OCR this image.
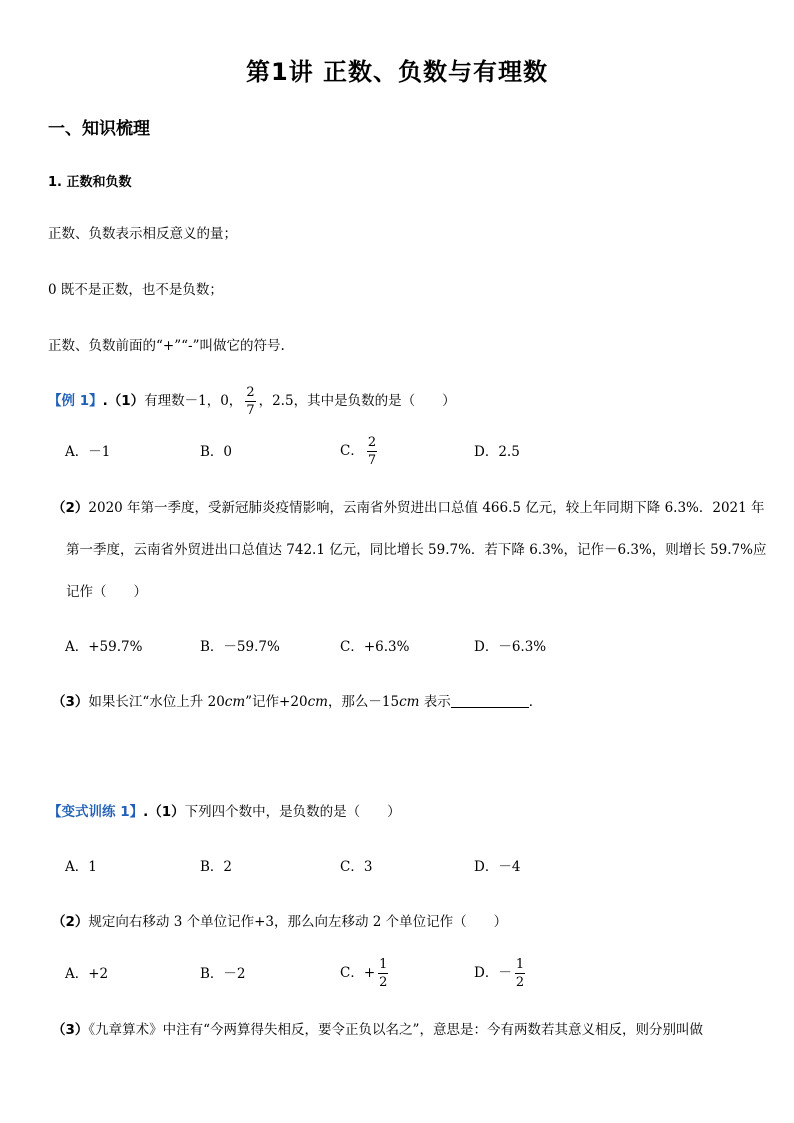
第1讲 正数、负数与有理数
一、知识梳理
1. 正数和负数
正数、负数表示相反意义的量；
0 既不是正数，也不是负数；
正数、负数前面的“+”“-”叫做它的符号.
【例 1】.（1）有理数－1，0， $\frac{2}{7}$ ，2.5，其中是负数的是（　　）
A．－1	B．0	C． $\frac{2}{7}$	D．2.5
（2）2020 年第一季度，受新冠肺炎疫情影响，云南省外贸进出口总值 466.5 亿元，较上年同期下降 6.3%．2021 年
第一季度，云南省外贸进出口总值达 742.1 亿元，同比增长 59.7%．若下降 6.3%，记作－6.3%，则增长 59.7%应
记作（　　）
A．+59.7%	B．－59.7%	C．+6.3%	D．－6.3%
（3）如果长江“水位上升 20cm”记作+20cm，那么－15cm 表示	．
【变式训练 1】.（1）下列四个数中，是负数的是（　　）
A．1	B．2	C．3	D．－4
（2）规定向右移动 3 个单位记作+3，那么向左移动 2 个单位记作（　　）
A．+2	B．－2	C．+ $\frac{1}{2}$	D．－ $\frac{1}{2}$
（3）《九章算术》中注有“今两算得失相反，要令正负以名之”，意思是：今有两数若其意义相反，则分别叫做
